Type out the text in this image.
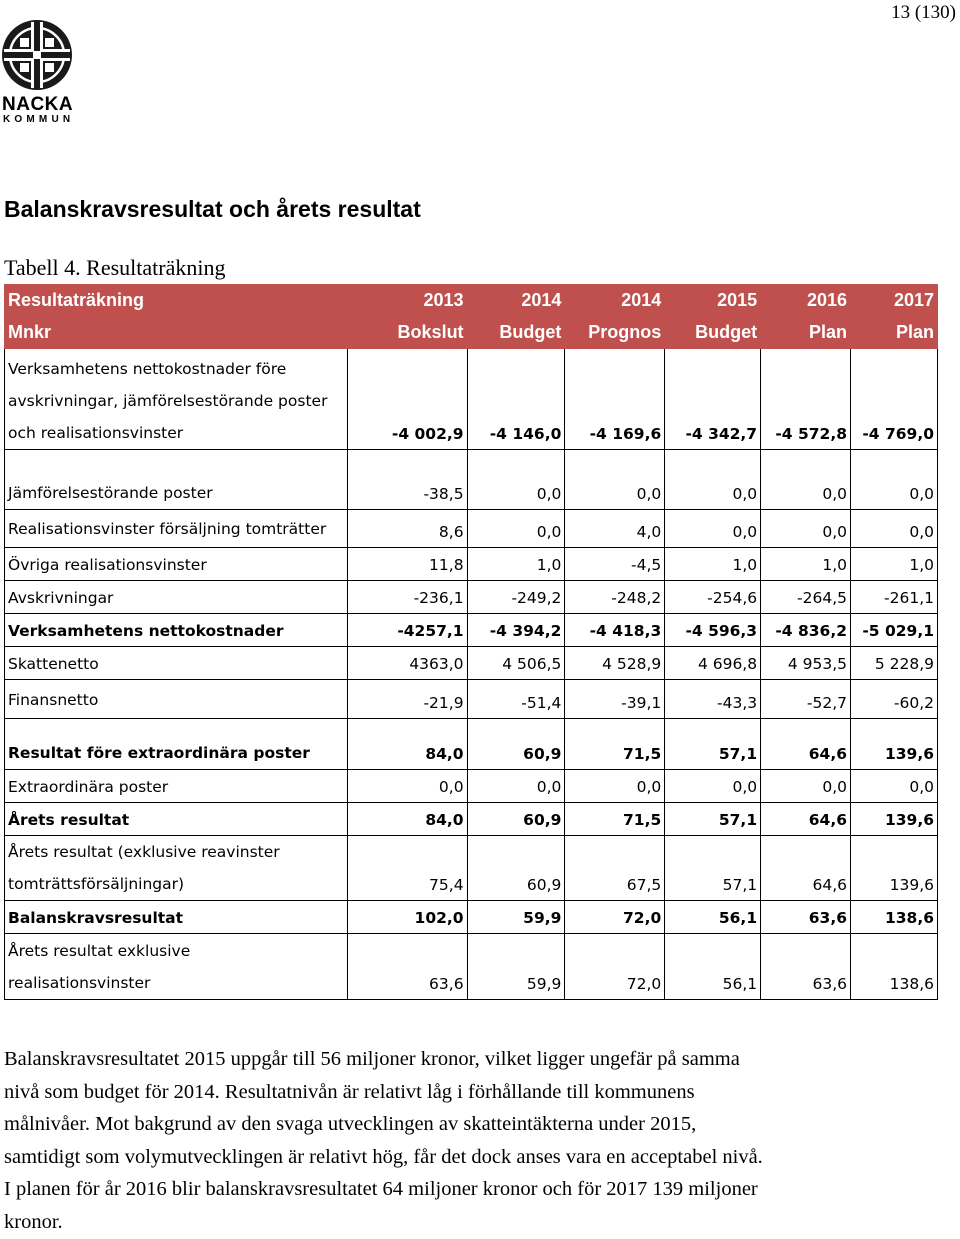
13 (130)
NACKA
KOMMUN
Balanskravsresultat och årets resultat
Tabell 4. Resultaträkning
Resultaträkning	2013	2014	2014	2015	2016	2017
Mnkr	Bokslut	Budget	Prognos	Budget	Plan	Plan

Verksamhetens nettokostnader före
avskrivningar, jämförelsestörande poster
och realisationsvinster	-4 002,9	-4 146,0	-4 169,6	-4 342,7	-4 572,8	-4 769,0

Jämförelsestörande poster	-38,5	0,0	0,0	0,0	0,0	0,0

Realisationsvinster försäljning tomträtter	8,6	0,0	4,0	0,0	0,0	0,0

Övriga realisationsvinster	11,8	1,0	-4,5	1,0	1,0	1,0

Avskrivningar	-236,1	-249,2	-248,2	-254,6	-264,5	-261,1

Verksamhetens nettokostnader	-4257,1	-4 394,2	-4 418,3	-4 596,3	-4 836,2	-5 029,1

Skattenetto	4363,0	4 506,5	4 528,9	4 696,8	4 953,5	5 228,9

Finansnetto	-21,9	-51,4	-39,1	-43,3	-52,7	-60,2

Resultat före extraordinära poster	84,0	60,9	71,5	57,1	64,6	139,6

Extraordinära poster	0,0	0,0	0,0	0,0	0,0	0,0

Årets resultat	84,0	60,9	71,5	57,1	64,6	139,6

Årets resultat (exklusive reavinster
tomträttsförsäljningar)	75,4	60,9	67,5	57,1	64,6	139,6

Balanskravsresultat	102,0	59,9	72,0	56,1	63,6	138,6

Årets resultat exklusive
realisationsvinster	63,6	59,9	72,0	56,1	63,6	138,6

Balanskravsresultatet 2015 uppgår till 56 miljoner kronor, vilket ligger ungefär på samma
nivå som budget för 2014. Resultatnivån är relativt låg i förhållande till kommunens
målnivåer. Mot bakgrund av den svaga utvecklingen av skatteintäkterna under 2015,
samtidigt som volymutvecklingen är relativt hög, får det dock anses vara en acceptabel nivå.
I planen för år 2016 blir balanskravsresultatet 64 miljoner kronor och för 2017 139 miljoner
kronor.
